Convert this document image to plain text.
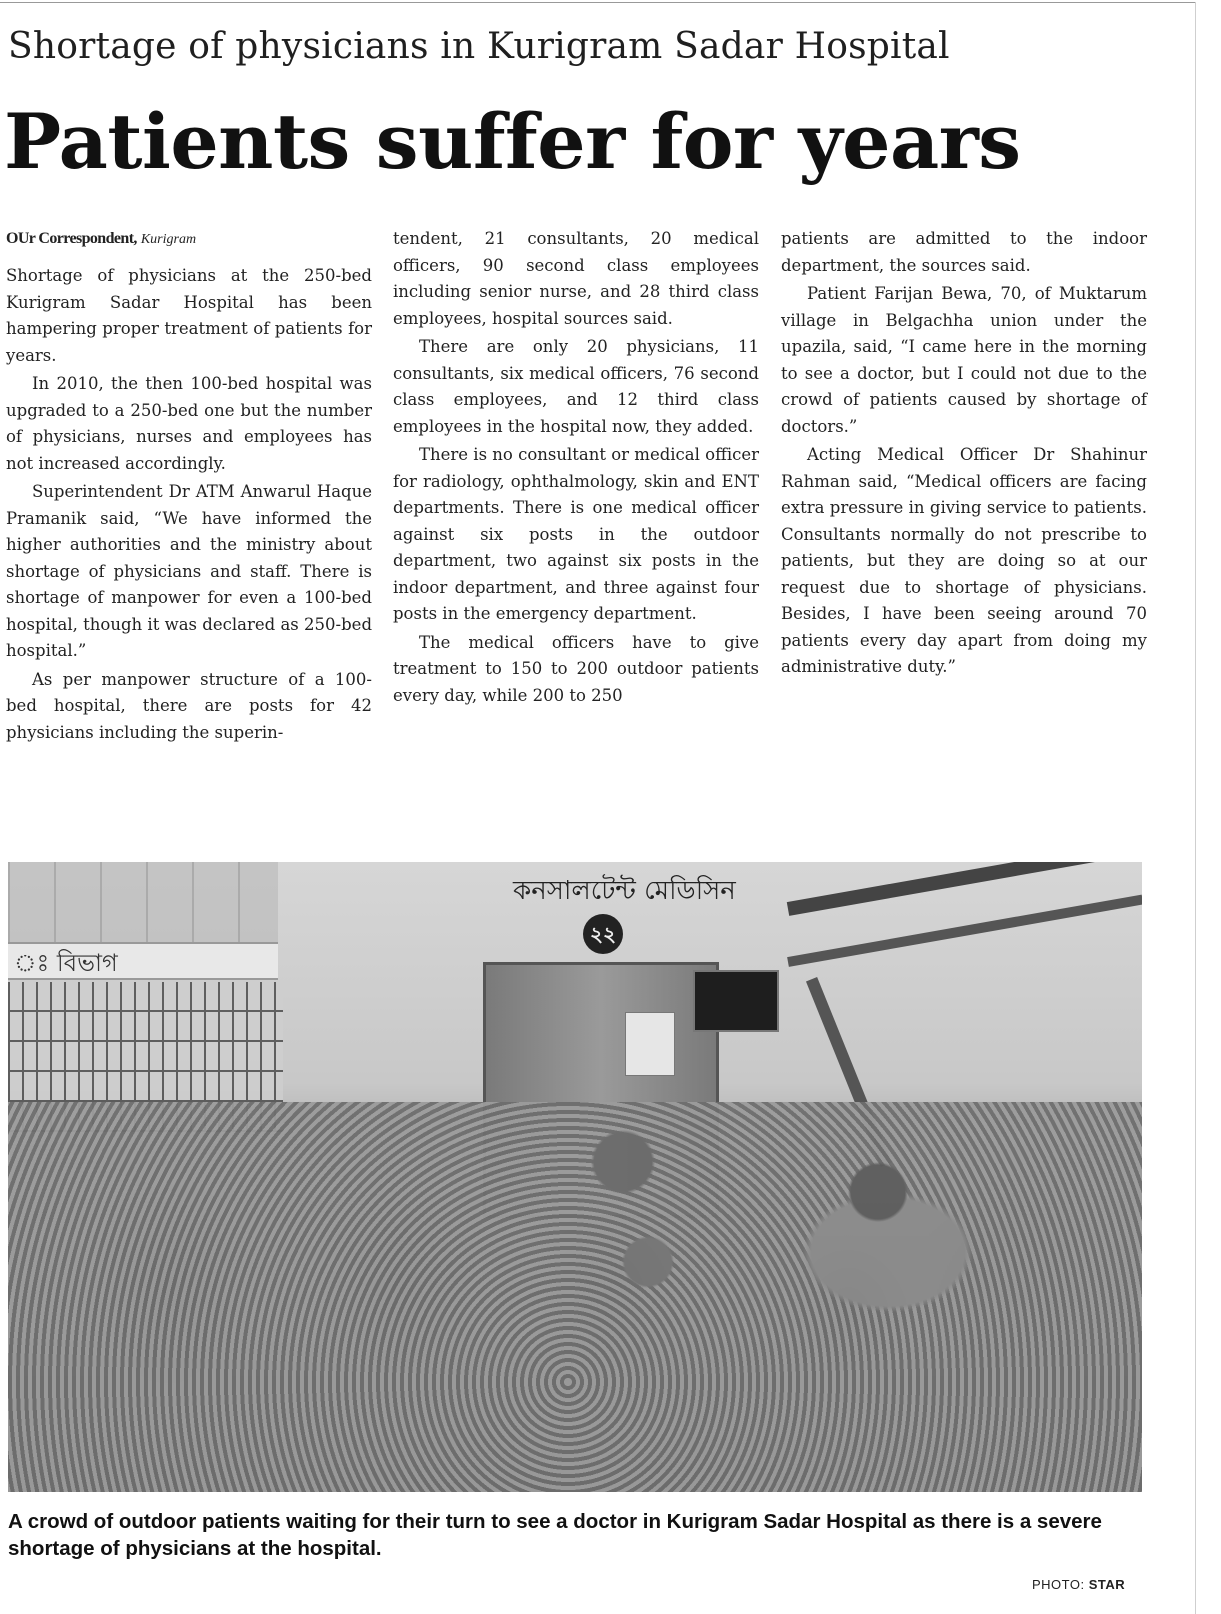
Shortage of physicians in Kurigram Sadar Hospital
Patients suffer for years
OUr Correspondent, Kurigram

Shortage of physicians at the 250-bed Kurigram Sadar Hospital has been hampering proper treatment of patients for years.

In 2010, the then 100-bed hospital was upgraded to a 250-bed one but the number of physicians, nurses and employees has not increased accordingly.

Superintendent Dr ATM Anwarul Haque Pramanik said, “We have informed the higher authorities and the ministry about shortage of physicians and staff. There is shortage of manpower for even a 100-bed hospital, though it was declared as 250-bed hospital.”

As per manpower structure of a 100-bed hospital, there are posts for 42 physicians including the superin-

tendent, 21 consultants, 20 medical officers, 90 second class employees including senior nurse, and 28 third class employees, hospital sources said.

There are only 20 physicians, 11 consultants, six medical officers, 76 second class employees, and 12 third class employees in the hospital now, they added.

There is no consultant or medical officer for radiology, ophthalmology, skin and ENT departments. There is one medical officer against six posts in the outdoor department, two against six posts in the indoor department, and three against four posts in the emergency department.

The medical officers have to give treatment to 150 to 200 outdoor patients every day, while 200 to 250

patients are admitted to the indoor department, the sources said.

Patient Farijan Bewa, 70, of Muktarum village in Belgachha union under the upazila, said, “I came here in the morning to see a doctor, but I could not due to the crowd of patients caused by shortage of doctors.”

Acting Medical Officer Dr Shahinur Rahman said, “Medical officers are facing extra pressure in giving service to patients. Consultants normally do not prescribe to patients, but they are doing so at our request due to shortage of physicians. Besides, I have been seeing around 70 patients every day apart from doing my administrative duty.”

ঃ বিভাগ
কনসালটেন্ট মেডিসিন
২২
A crowd of outdoor patients waiting for their turn to see a doctor in Kurigram Sadar Hospital as there is a severe shortage of physicians at the hospital.
PHOTO: STAR
